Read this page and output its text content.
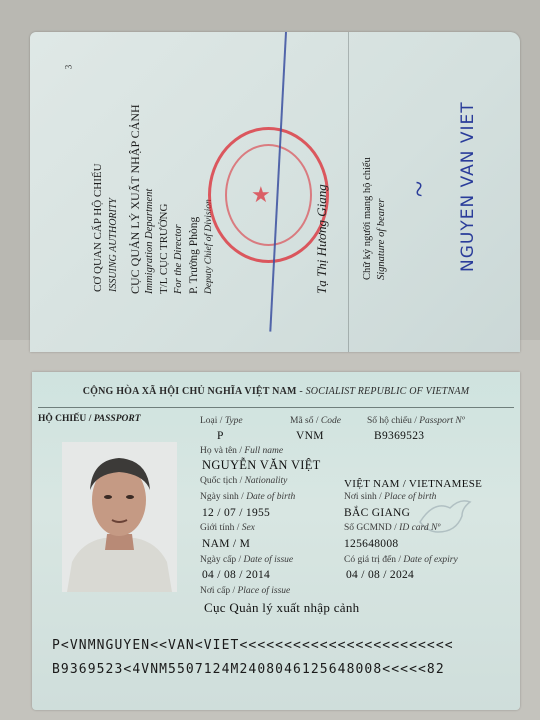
3
CƠ QUAN CẤP HỘ CHIẾU ISSUING AUTHORITY CỤC QUẢN LÝ XUẤT NHẬP CẢNH Immigration Department T/L CỤC TRƯỞNG For the Director P. Trưởng Phòng Deputy Chief of Division
★	Tạ Thị Hương Giang	Chữ ký người mang hộ chiếu Signature of bearer
~ NGUYEN VAN VIET
CỘNG HÒA XÃ HỘI CHỦ NGHĨA VIỆT NAM - SOCIALIST REPUBLIC OF VIETNAM
HỘ CHIẾU / PASSPORT	Loại / Type	Mã số / Code	Số hộ chiếu / Passport Nº
P	VNM	B9369523
Họ và tên / Full name
NGUYỄN VĂN VIỆT
Quốc tịch / Nationality	VIỆT NAM / VIETNAMESE
Ngày sinh / Date of birth	Nơi sinh / Place of birth
12 / 07 / 1955	BẮC GIANG
Giới tính / Sex	Số GCMND / ID card Nº
NAM / M	125648008
Ngày cấp / Date of issue	Có giá trị đến / Date of expiry
04 / 08 / 2014	04 / 08 / 2024
Nơi cấp / Place of issue
Cục Quản lý xuất nhập cảnh
P<VNMNGUYEN<<VAN<VIET<<<<<<<<<<<<<<<<<<<<<<<<
B9369523<4VNM5507124M2408046125648008<<<<<82
